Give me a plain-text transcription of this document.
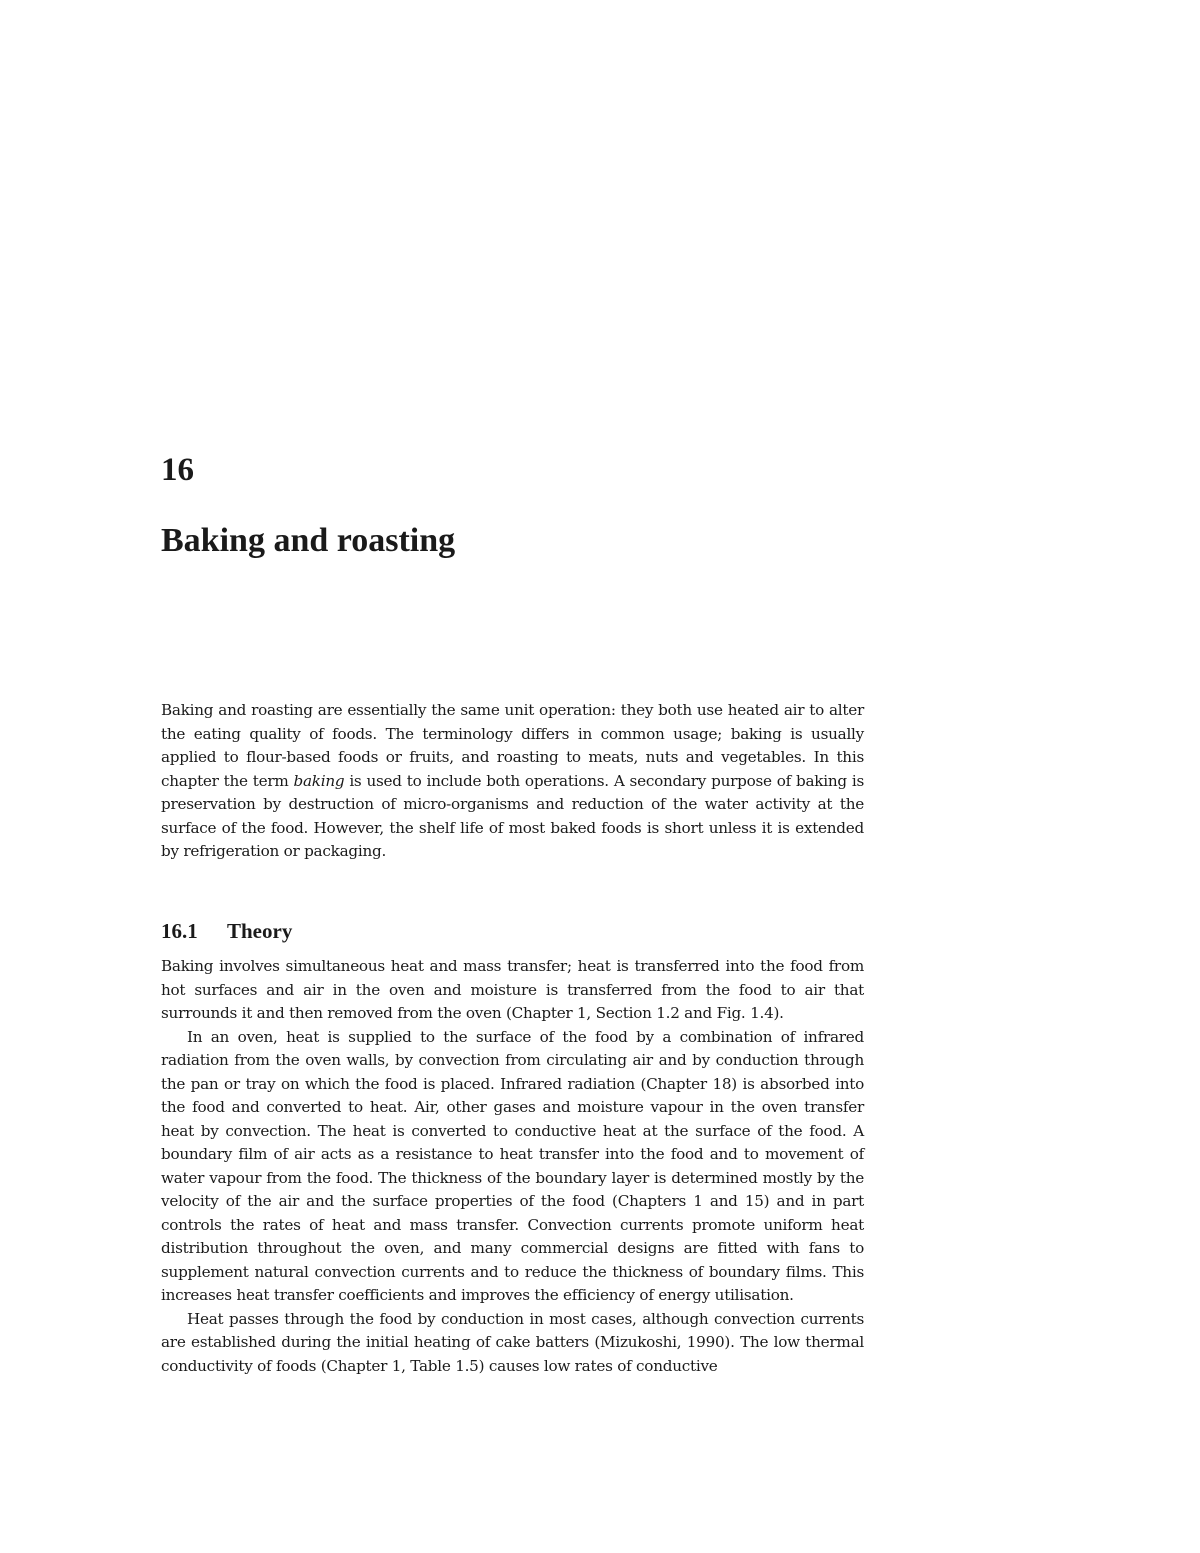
16
Baking and roasting

Baking and roasting are essentially the same unit operation: they both use heated air to alter the eating quality of foods. The terminology differs in common usage; baking is usually applied to flour-based foods or fruits, and roasting to meats, nuts and vegetables. In this chapter the term baking is used to include both operations. A secondary purpose of baking is preservation by destruction of micro-organisms and reduction of the water activity at the surface of the food. However, the shelf life of most baked foods is short unless it is extended by refrigeration or packaging.

16.1 Theory

Baking involves simultaneous heat and mass transfer; heat is transferred into the food from hot surfaces and air in the oven and moisture is transferred from the food to air that surrounds it and then removed from the oven (Chapter 1, Section 1.2 and Fig. 1.4).

In an oven, heat is supplied to the surface of the food by a combination of infrared radiation from the oven walls, by convection from circulating air and by conduction through the pan or tray on which the food is placed. Infrared radiation (Chapter 18) is absorbed into the food and converted to heat. Air, other gases and moisture vapour in the oven transfer heat by convection. The heat is converted to conductive heat at the surface of the food. A boundary film of air acts as a resistance to heat transfer into the food and to movement of water vapour from the food. The thickness of the boundary layer is determined mostly by the velocity of the air and the surface properties of the food (Chapters 1 and 15) and in part controls the rates of heat and mass transfer. Convection currents promote uniform heat distribution throughout the oven, and many commercial designs are fitted with fans to supplement natural convection currents and to reduce the thickness of boundary films. This increases heat transfer coefficients and improves the efficiency of energy utilisation.

Heat passes through the food by conduction in most cases, although convection currents are established during the initial heating of cake batters (Mizukoshi, 1990). The low thermal conductivity of foods (Chapter 1, Table 1.5) causes low rates of conductive
